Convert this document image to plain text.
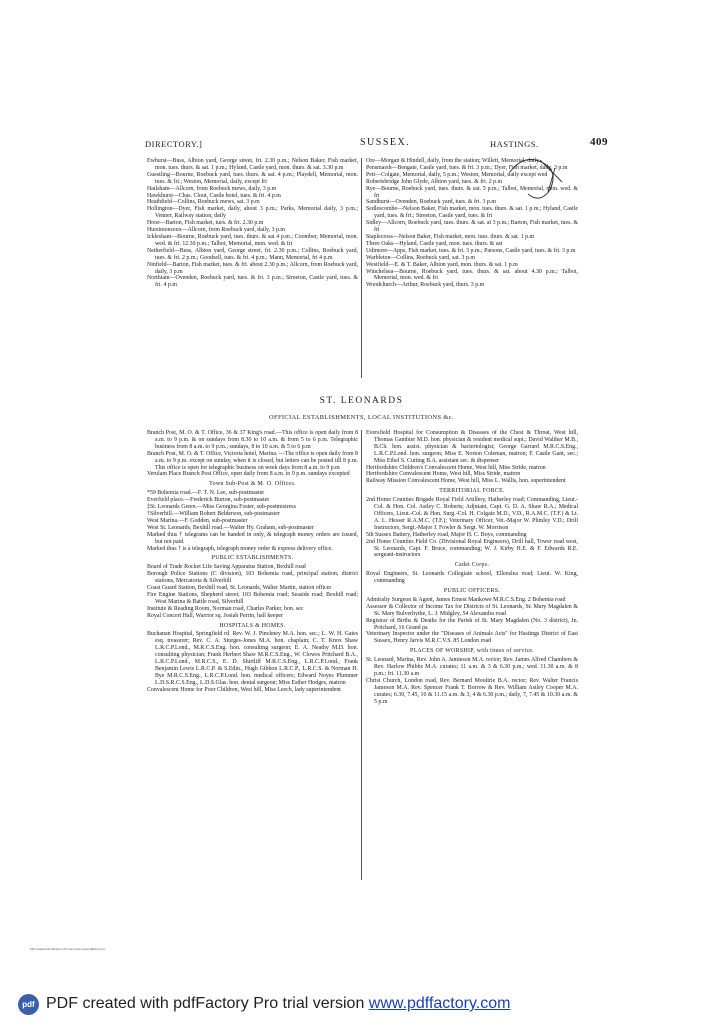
DIRECTORY.]	SUSSEX.	HASTINGS.	409

Ewhurst—Buss, Albion yard, George street, fri. 2.30 p.m.; Nelson Baker, Fish market, mon. tues. thurs. & sat. 1 p.m.; Hyland, Castle yard, mon. thurs. & sat. 3.30 p.m

Guestling—Bourne, Roebuck yard, tues. thurs. & sat. 4 p.m.; Playdell, Memorial, mon. tues. & fri.; Weston, Memorial, daily, except fri

Hailsham—Allcorn, from Roebuck mews, daily, 3 p.m

Hawkhurst—Chas. Clout, Castle hotel, tues. & fri. 4 p.m

Heathfield—Collins, Roebuck mews, sat. 3 p.m

Hollington—Dyer, Fish market, daily, about 3 p.m.; Parks, Memorial daily, 3 p.m.; Venner, Railway station, daily

Hooe—Barton, Fish market, tues. & fri. 2.30 p.m

Hurstmonceux—Allcorn, from Roebuck yard, daily, 3 p.m

Icklesham—Bourne, Roebuck yard, tues. thurs. & sat 4 p.m.; Coomber, Memorial, mon. wed. & fri. 12.30 p.m.; Talbot, Memorial, mon. wed. & fri

Netherfield—Buss, Albion yard, George street, fri. 2.30 p.m.; Collins, Roebuck yard, tues. & fri. 2 p.m.; Goodsell, tues. & fri. 4 p.m.; Mann, Memorial, fri 4 p.m

Ninfield—Barton, Fish market, tues. & fri. about 2.30 p.m.; Allcorn, from Roebuck yard, daily, 3 p.m

Northiam—Ovenden, Roebuck yard, tues. & fri. 3 p.m.; Streeton, Castle yard, tues. & fri. 4 p.m

Ore—Morgan & Hindell, daily, from the station; Willett, Memorial, daily

Pensmarsh—Bengate, Castle yard, tues. & fri. 3 p.m.; Dyer, Fish market, daily, 3 p.m

Pett—Colgate, Memorial, daily, 5 p.m.; Weston, Memorial, daily except wed

Robertsbridge John Glyde, Albion yard, tues. & fri. 2 p.m

Rye—Bourne, Roebuck yard, tues. thurs. & sat. 5 p.m.; Talbot, Memorial, mon. wed. & fri

Sandhurst—Ovenden, Roebuck yard, tues. & fri. 3 p.m

Sedlescombe—Nelson Baker, Fish market, mon. tues. thurs. & sat. 1 p.m.; Hyland, Castle yard, tues. & fri.; Streeton, Castle yard, tues. & fri

Sidley—Allcorn, Roebuck yard, tues. thurs. & sat. at 3 p.m.; Barton, Fish market, tues. & fri

Staplecross—Nelson Baker, Fish market, mon. tues. thurs. & sat. 1 p.m

Three Oaks—Hyland, Castle yard, mon. tues. thurs. & sat

Udimore—Apps, Fish market, tues. & fri. 3 p.m.; Parsons, Castle yard, tues. & fri. 3 p.m

Warbleton—Collins, Roebuck yard, sat. 3 p.m

Westfield—E. & T. Baker, Albion yard, mon. thurs. & sat. 1 p.m

Winchelsea—Bourne, Roebuck yard, tues. thurs. & sat. about 4.30 p.m.; Talbot, Memorial, mon. wed. & fri

Woodchurch—Arthur, Roebuck yard, thurs. 3 p.m

ST. LEONARDS
OFFICIAL ESTABLISHMENTS, LOCAL INSTITUTIONS &c.

Branch Post, M. O. & T. Office, 36 & 37 King's road.—This office is open daily from 8 a.m. to 9 p.m. & on sundays from 8.30 to 10 a.m. & from 5 to 6 p.m. Telegraphic business from 8 a.m. to 9 p.m.; sundays, 8 to 10 a.m. & 5 to 6 p.m

Branch Post, M. O. & T. Office, Victoria hotel, Marina. —The office is open daily from 8 a.m. to 9 p.m. except on sunday, when it is closed, but letters can be posted till 8 p.m. This office is open for telegraphic business on week days from 8 a.m. to 9 p.m

Verulam Place Branch Post Office, open daily from 8 a.m. to 9 p.m. sundays excepted

Town Sub-Post & M. O. Offices.

*59 Bohemia road.—F. T. N. Lee, sub-postmaster

Everfield place.—Frederick Burton, sub-postmaster

‡St. Leonards Green.—Miss Georgina Foster, sub-postmistress

†Silverhill.—William Robert Belderson, sub-postmaster

West Marina.—F. Godden, sub-postmaster

West St. Leonards, Bexhill road.—Walter Hy. Graham, sub-postmaster

Marked thus † telegrams can be handed in only, & telegraph money orders are issued, but not paid.

Marked thus † is a telegraph, telegraph money order & express delivery office.

PUBLIC ESTABLISHMENTS.

Board of Trade Rocket Life Saving Apparatus Station, Bexhill road

Borough Police Stations (C division), 103 Bohemia road, principal station; district stations, Mercatoria & Silverhill

Coast Guard Station, Bexhill road, St. Leonards, Walter Martin, station officer

Fire Engine Stations, Shepherd street; 103 Bohemia road; Seaside road; Bexhill road; West Marina & Battle road, Silverhill

Institute & Reading Room, Norman road, Charles Parker, hon. sec

Royal Concert Hall, Warrior sq. Josiah Perrin, hall keeper

HOSPITALS & HOMES.

Buchanan Hospital, Springfield rd. Rev. W. J. Pinckney M.A. hon. sec.; L. W. H. Gates esq. treasurer; Rev. C. A. Sturges-Jones M.A. hon. chaplain; C. T. Knox Shaw L.R.C.P.Lond., M.R.C.S.Eng. hon. consulting surgeon; E. A. Neathy M.D. hon. consulting physician; Frank Herbert Shaw M.R.C.S.Eng., W. Clowes Pritchard B.A., L.R.C.P.Lond., M.R.C.S., E. D. Shirtliff M.R.C.S.Eng., L.R.C.P.Lond., Frank Benjamin Lewis L.R.C.P. & S.Edin., Hugh Gibbon L.R.C.P., L.R.C.S. & Norman H. Bye M.R.C.S.Eng., L.R.C.P.Lond. hon. medical officers; Edward Noyes Plummer L.D.S.R.C.S.Eng., L.D.S.Glas. hon. dental surgeon; Miss Esther Hodges, matron

Convalescent Home for Poor Children, West hill, Miss Leech, lady superintendent

Eversfield Hospital for Consumption & Diseases of the Chest & Throat, West hill, Thomas Gambier M.D. hon. physician & resident medical supt.; David Walther M.B., B.Ch. hon. assist. physician & bacteriologist; George Garrard M.R.C.S.Eng., L.R.C.P.Lond. hon. surgeon; Miss E. Norton Coleman, matron; F. Castle Gant, sec.; Miss Ethel S. Cutting B.A. assistant sec. & dispenser

Hertfordshire Children's Convalescent Home, West hill, Miss Stride, matron

Hertfordshire Convalescent Home, West hill, Miss Stride, matron

Railway Mission Convalescent Home, West hill, Miss L. Wallis, hon. superintendent

TERRITORIAL FORCE.

2nd Home Counties Brigade Royal Field Artillery, Hatherley road; Commanding, Lieut.-Col. & Hon. Col. Astley C. Roberts; Adjutant, Capt. G. D. A. Shaw R.A.; Medical Officers, Lieut.-Col. & Hon. Surg.-Col. H. Colgate M.D., V.D., R.A.M.C. (T.F.) & Lt. A. L. Hesser R.A.M.C. (T.F.); Veterinary Officer, Vet.-Major W. Plimley V.D.; Drill Instructors, Sergt.-Major J. Fowler & Sergt. W. Morrison

5th Sussex Battery, Hatherley road, Major H. C. Boys, commanding

2nd Home Counties Field Co. (Divisional Royal Engineers), Drill hall, Tower road west, St. Leonards, Capt. F. Bruce, commanding; W. J. Kirby H.E. & F. Edwards R.E. sergeant-instructors

Cadet Corps.

Royal Engineers, St. Leonards Collegiate school, Ellenslea road; Lieut. W. King, commanding

PUBLIC OFFICERS.

Admiralty Surgeon & Agent, James Ernest Mankowe M.R.C.S.Eng. 2 Bohemia road

Assessor & Collector of Income Tax for Districts of St. Leonards, St. Mary Magdalen & St. Mary Bulverhythe, L. J. Midgley, 54 Alexandra road

Registrar of Births & Deaths for the Parish of St. Mary Magdalen (No. 3 district), Jn. Pritchard, 16 Grand pa

Veterinary Inspector under the "Diseases of Animals Acts" for Hastings District of East Sussex, Henry Jarvis M.R.C.V.S. 85 London road

PLACES OF WORSHIP, with times of service.

St. Leonard, Marina, Rev. John A. Jamieson M.A. rector; Rev. James Alfred Chambers & Rev. Harlow Phibbs M.A. curates; 11 a.m. & 3 & 6.30 p.m.; wed. 11.30 a.m. & 8 p.m.; fri. 11.30 a.m

Christ Church, London road, Rev. Bernard Moultrie B.A. rector; Rev. Walter Francis Jameson M.A. Rev. Spencer Frank T. Borrow & Rev. William Astley Cooper M.A. curates; 6.30, 7.45, 10 & 11.15 a.m. & 3, 4 & 6.30 p.m.; daily, 7, 7.45 & 10.30 a.m. & 5 p.m

PDF created with pdfFactory Pro trial version www.pdffactory.com
pdf PDF created with pdfFactory Pro trial version www.pdffactory.com
